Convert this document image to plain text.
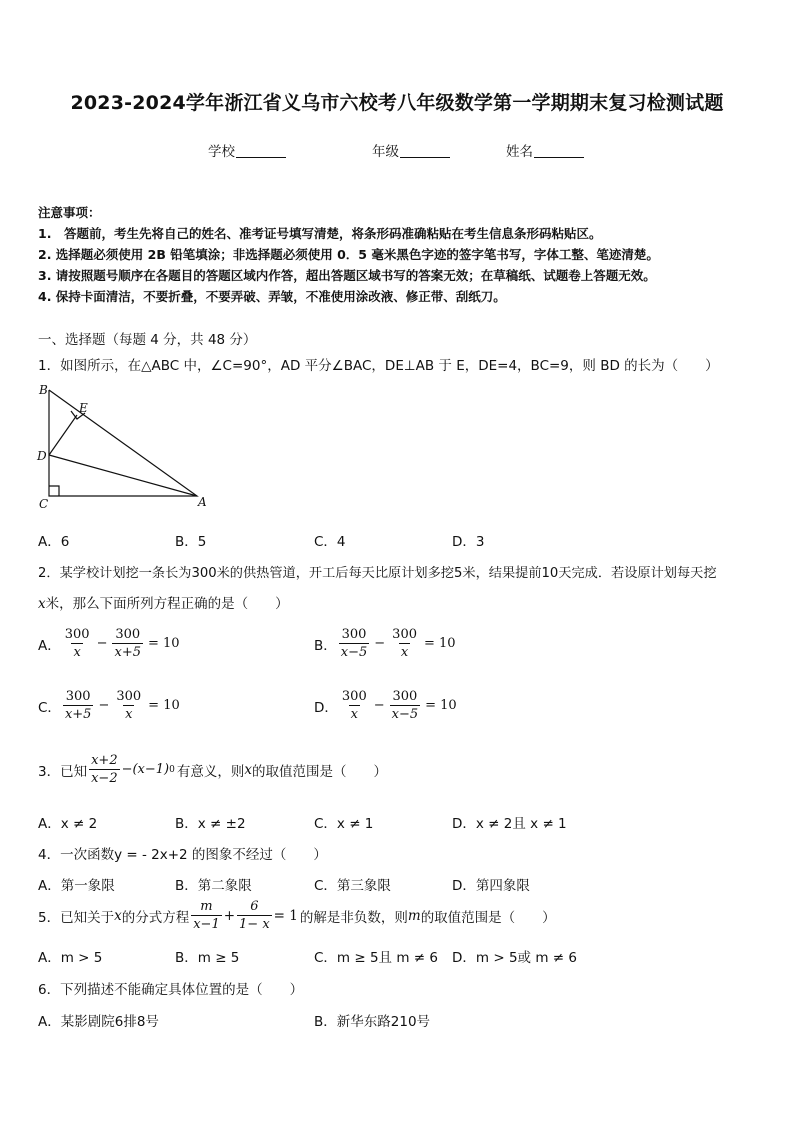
2023-2024学年浙江省义乌市六校考八年级数学第一学期期末复习检测试题
学校	年级	姓名
注意事项：
1.　答题前，考生先将自己的姓名、准考证号填写清楚，将条形码准确粘贴在考生信息条形码粘贴区。
2. 选择题必须使用 2B 铅笔填涂；非选择题必须使用 0．5 毫米黑色字迹的签字笔书写，字体工整、笔迹清楚。
3. 请按照题号顺序在各题目的答题区域内作答，超出答题区域书写的答案无效；在草稿纸、试题卷上答题无效。
4. 保持卡面清洁，不要折叠，不要弄破、弄皱，不准使用涂改液、修正带、刮纸刀。
一、选择题（每题 4 分，共 48 分）
1．如图所示，在△ABC 中，∠C=90°，AD 平分∠BAC，DE⊥AB 于 E，DE=4，BC=9，则 BD 的长为（　　）
B
E
D
C	A
A．6	B．5	C．4	D．3
2．某学校计划挖一条长为300米的供热管道，开工后每天比原计划多挖5米，结果提前10天完成．若设原计划每天挖
x米，那么下面所列方程正确的是（　　）
A． $\frac{300}{x} - \frac{300}{x+5} = 10$	B． $\frac{300}{x-5} - \frac{300}{x} = 10$
C． $\frac{300}{x+5} - \frac{300}{x} = 10$	D． $\frac{300}{x} - \frac{300}{x-5} = 10$
3．已知 $\frac{x+2}{x-2} -(x-1)$ 0 有意义，则 x 的取值范围是（　　）
A．x ≠ 2	B．x ≠ ±2	C．x ≠ 1	D．x ≠ 2且 x ≠ 1
4．一次函数y = - 2x+2 的图象不经过（　　）
A．第一象限	B．第二象限	C．第三象限	D．第四象限
5．已知关于 x 的分式方程 $\frac{m}{x-1} + \frac{6}{1- x} = 1$ 的解是非负数，则 m 的取值范围是（　　）
A．m > 5	B．m ≥ 5	C．m ≥ 5且 m ≠ 6 D．m > 5或 m ≠ 6
6．下列描述不能确定具体位置的是（　　）
A．某影剧院6排8号	B．新华东路210号
